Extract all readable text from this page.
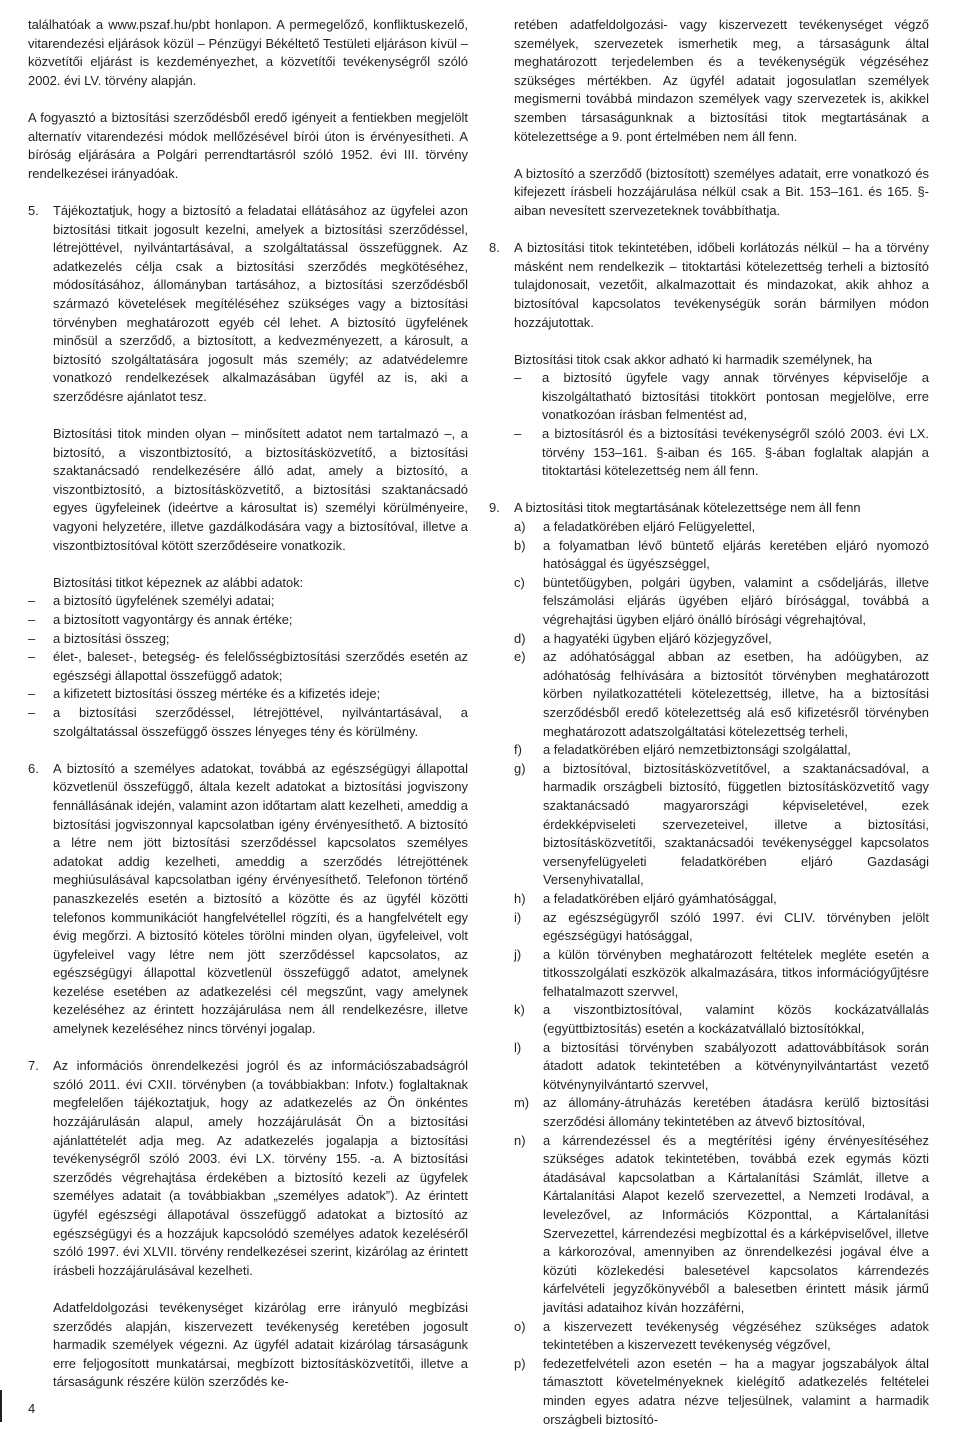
találhatóak a www.pszaf.hu/pbt honlapon. A permegelőző, konfliktuskezelő, vitarendezési eljárások közül – Pénzügyi Békéltető Testületi eljáráson kívül – közvetítői eljárást is kezdeményezhet, a közvetítői tevékenységről szóló 2002. évi LV. törvény alapján.

A fogyasztó a biztosítási szerződésből eredő igényeit a fentiekben megjelölt alternatív vitarendezési módok mellőzésével bírói úton is érvényesítheti. A bíróság eljárására a Polgári perrendtartásról szóló 1952. évi III. törvény rendelkezései irányadóak.

5. Tájékoztatjuk, hogy a biztosító a feladatai ellátásához az ügyfelei azon biztosítási titkait jogosult kezelni, amelyek a biztosítási szerződéssel, létrejöttével, nyilvántartásával, a szolgáltatással összefüggnek. Az adatkezelés célja csak a biztosítási szerződés megkötéséhez, módosításához, állományban tartásához, a biztosítási szerződésből származó követelések megítéléséhez szükséges vagy a biztosítási törvényben meghatározott egyéb cél lehet. A biztosító ügyfelének minősül a szerződő, a biztosított, a kedvezményezett, a károsult, a biztosító szolgáltatására jogosult más személy; az adatvédelemre vonatkozó rendelkezések alkalmazásában ügyfél az is, aki a szerződésre ajánlatot tesz.

Biztosítási titok minden olyan – minősített adatot nem tartalmazó –, a biztosító, a viszontbiztosító, a biztosításközvetítő, a biztosítási szaktanácsadó rendelkezésére álló adat, amely a biztosító, a viszontbiztosító, a biztosításközvetítő, a biztosítási szaktanácsadó egyes ügyfeleinek (ideértve a károsultat is) személyi körülményeire, vagyoni helyzetére, illetve gazdálkodására vagy a biztosítóval, illetve a viszontbiztosítóval kötött szerződéseire vonatkozik.

Biztosítási titkot képeznek az alábbi adatok:

– a biztosító ügyfelének személyi adatai;

– a biztosított vagyontárgy és annak értéke;

– a biztosítási összeg;

– élet-, baleset-, betegség- és felelősségbiztosítási szerződés esetén az egészségi állapottal összefüggő adatok;

– a kifizetett biztosítási összeg mértéke és a kifizetés ideje;

– a biztosítási szerződéssel, létrejöttével, nyilvántartásával, a szolgáltatással összefüggő összes lényeges tény és körülmény.

6. A biztosító a személyes adatokat, továbbá az egészségügyi állapottal közvetlenül összefüggő, általa kezelt adatokat a biztosítási jogviszony fennállásának idején, valamint azon időtartam alatt kezelheti, ameddig a biztosítási jogviszonnyal kapcsolatban igény érvényesíthető. A biztosító a létre nem jött biztosítási szerződéssel kapcsolatos személyes adatokat addig kezelheti, ameddig a szerződés létrejöttének meghiúsulásával kapcsolatban igény érvényesíthető. Telefonon történő panaszkezelés esetén a biztosító a közötte és az ügyfél közötti telefonos kommunikációt hangfelvétellel rögzíti, és a hangfelvételt egy évig megőrzi. A biztosító köteles törölni minden olyan, ügyfeleivel, volt ügyfeleivel vagy létre nem jött szerződéssel kapcsolatos, az egészségügyi állapottal közvetlenül összefüggő adatot, amelynek kezelése esetében az adatkezelési cél megszűnt, vagy amelynek kezeléséhez az érintett hozzájárulása nem áll rendelkezésre, illetve amelynek kezeléséhez nincs törvényi jogalap.

7. Az információs önrendelkezési jogról és az információszabadságról szóló 2011. évi CXII. törvényben (a továbbiakban: Infotv.) foglaltaknak megfelelően tájékoztatjuk, hogy az adatkezelés az Ön önkéntes hozzájárulásán alapul, amely hozzájárulását Ön a biztosítási ajánlattételét adja meg. Az adatkezelés jogalapja a biztosítási tevékenységről szóló 2003. évi LX. törvény 155. -a. A biztosítási szerződés végrehajtása érdekében a biztosító kezeli az ügyfelek személyes adatait (a továbbiakban „személyes adatok”). Az érintett ügyfél egészségi állapotával összefüggő adatokat a biztosító az egészségügyi és a hozzájuk kapcsolódó személyes adatok kezeléséről szóló 1997. évi XLVII. törvény rendelkezései szerint, kizárólag az érintett írásbeli hozzájárulásával kezelheti.

Adatfeldolgozási tevékenységet kizárólag erre irányuló megbízási szerződés alapján, kiszervezett tevékenység keretében jogosult harmadik személyek végezni. Az ügyfél adatait kizárólag társaságunk erre feljogosított munkatársai, megbízott biztosításközvetítői, illetve a társaságunk részére külön szerződés ke-

retében adatfeldolgozási- vagy kiszervezett tevékenységet végző személyek, szervezetek ismerhetik meg, a társaságunk által meghatározott terjedelemben és a tevékenységük végzéséhez szükséges mértékben. Az ügyfél adatait jogosulatlan személyek megismerni továbbá mindazon személyek vagy szervezetek is, akikkel szemben társaságunknak a biztosítási titok megtartásának a kötelezettsége a 9. pont értelmében nem áll fenn.

A biztosító a szerződő (biztosított) személyes adatait, erre vonatkozó és kifejezett írásbeli hozzájárulása nélkül csak a Bit. 153–161. és 165. §-aiban nevesített szervezeteknek továbbíthatja.

8. A biztosítási titok tekintetében, időbeli korlátozás nélkül – ha a törvény másként nem rendelkezik – titoktartási kötelezettség terheli a biztosító tulajdonosait, vezetőit, alkalmazottait és mindazokat, akik ahhoz a biztosítóval kapcsolatos tevékenységük során bármilyen módon hozzájutottak.

Biztosítási titok csak akkor adható ki harmadik személynek, ha

– a biztosító ügyfele vagy annak törvényes képviselője a kiszolgáltatható biztosítási titokkört pontosan megjelölve, erre vonatkozóan írásban felmentést ad,

– a biztosításról és a biztosítási tevékenységről szóló 2003. évi LX. törvény 153–161. §-aiban és 165. §-ában foglaltak alapján a titoktartási kötelezettség nem áll fenn.

9. A biztosítási titok megtartásának kötelezettsége nem áll fenn

a) a feladatkörében eljáró Felügyelettel,

b) a folyamatban lévő büntető eljárás keretében eljáró nyomozó hatósággal és ügyészséggel,

c) büntetőügyben, polgári ügyben, valamint a csődeljárás, illetve felszámolási eljárás ügyében eljáró bírósággal, továbbá a végrehajtási ügyben eljáró önálló bírósági végrehajtóval,

d) a hagyatéki ügyben eljáró közjegyzővel,

e) az adóhatósággal abban az esetben, ha adóügyben, az adóhatóság felhívására a biztosítót törvényben meghatározott körben nyilatkozattételi kötelezettség, illetve, ha a biztosítási szerződésből eredő kötelezettség alá eső kifizetésről törvényben meghatározott adatszolgáltatási kötelezettség terheli,

f) a feladatkörében eljáró nemzetbiztonsági szolgálattal,

g) a biztosítóval, biztosításközvetítővel, a szaktanácsadóval, a harmadik országbeli biztosító, független biztosításközvetítő vagy szaktanácsadó magyarországi képviseletével, ezek érdekképviseleti szervezeteivel, illetve a biztosítási, biztosításközvetítői, szaktanácsadói tevékenységgel kapcsolatos versenyfelügyeleti feladatkörében eljáró Gazdasági Versenyhivatallal,

h) a feladatkörében eljáró gyámhatósággal,

i) az egészségügyről szóló 1997. évi CLIV. törvényben jelölt egészségügyi hatósággal,

j) a külön törvényben meghatározott feltételek megléte esetén a titkosszolgálati eszközök alkalmazására, titkos információgyűjtésre felhatalmazott szervvel,

k) a viszontbiztosítóval, valamint közös kockázatvállalás (együttbiztosítás) esetén a kockázatvállaló biztosítókkal,

l) a biztosítási törvényben szabályozott adattovábbítások során átadott adatok tekintetében a kötvénynyilvántartást vezető kötvénynyilvántartó szervvel,

m) az állomány-átruházás keretében átadásra kerülő biztosítási szerződési állomány tekintetében az átvevő biztosítóval,

n) a kárrendezéssel és a megtérítési igény érvényesítéséhez szükséges adatok tekintetében, továbbá ezek egymás közti átadásával kapcsolatban a Kártalanítási Számlát, illetve a Kártalanítási Alapot kezelő szervezettel, a Nemzeti Irodával, a levelezővel, az Információs Központtal, a Kártalanítási Szervezettel, kárrendezési megbízottal és a kárképviselővel, illetve a kárkorozóval, amennyiben az önrendelkezési jogával élve a közúti közlekedési balesetével kapcsolatos kárrendezés kárfelvételi jegyzőkönyvéből a balesetben érintett másik jármű javítási adataihoz kíván hozzáférni,

o) a kiszervezett tevékenység végzéséhez szükséges adatok tekintetében a kiszervezett tevékenység végzővel,

p) fedezetfelvételi azon esetén – ha a magyar jogszabályok által támasztott követelményeknek kielégítő adatkezelés feltételei minden egyes adatra nézve teljesülnek, valamint a harmadik országbeli biztosító-

4
